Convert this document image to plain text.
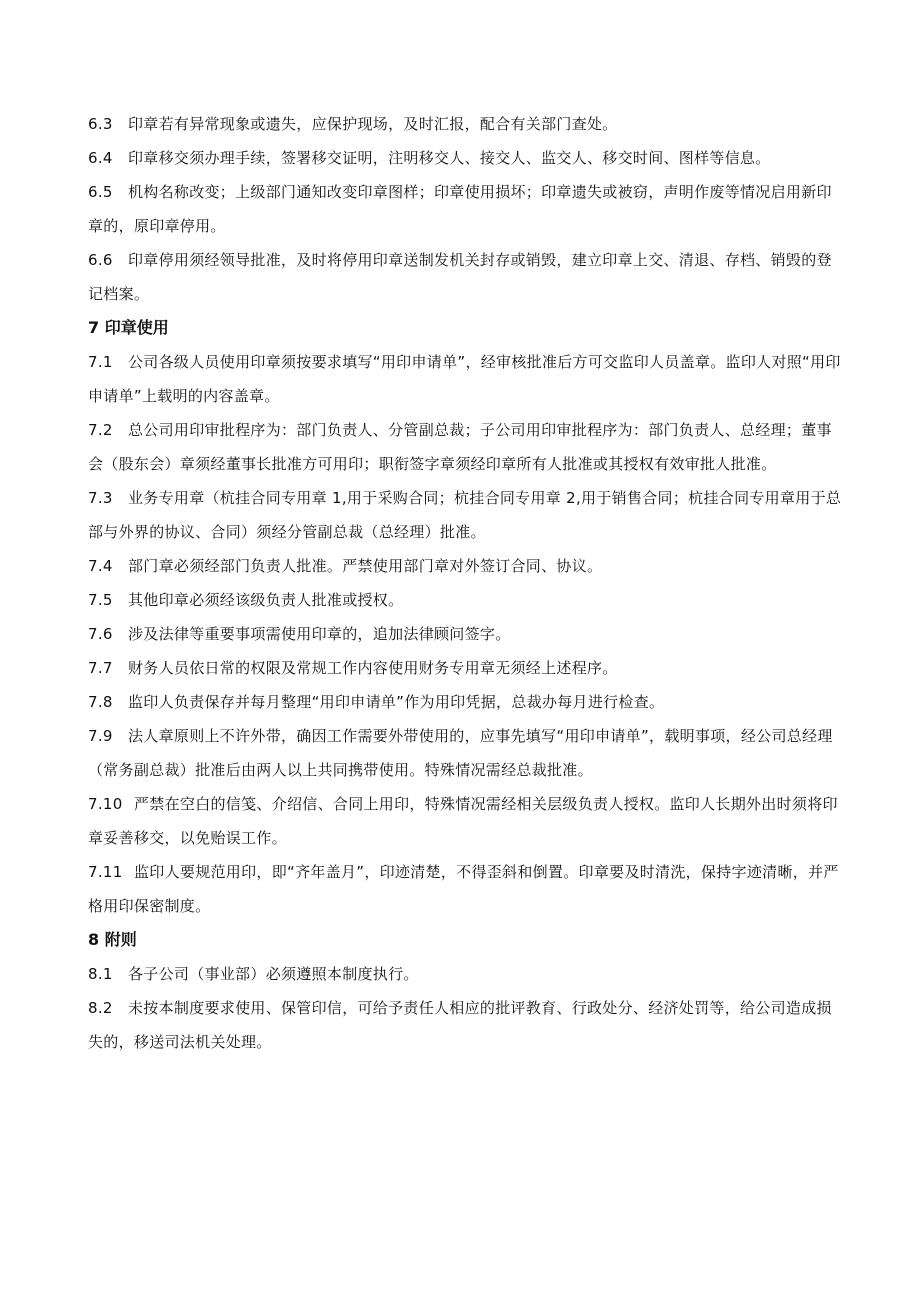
6.3 印章若有异常现象或遗失，应保护现场，及时汇报，配合有关部门查处。

6.4 印章移交须办理手续，签署移交证明，注明移交人、接交人、监交人、移交时间、图样等信息。

6.5 机构名称改变；上级部门通知改变印章图样；印章使用损坏；印章遗失或被窃，声明作废等情况启用新印章的，原印章停用。

6.6 印章停用须经领导批准，及时将停用印章送制发机关封存或销毁，建立印章上交、清退、存档、销毁的登记档案。

7 印章使用

7.1 公司各级人员使用印章须按要求填写“用印申请单”，经审核批准后方可交监印人员盖章。监印人对照“用印申请单”上载明的内容盖章。

7.2 总公司用印审批程序为：部门负责人、分管副总裁；子公司用印审批程序为：部门负责人、总经理；董事会（股东会）章须经董事长批准方可用印；职衔签字章须经印章所有人批准或其授权有效审批人批准。

7.3 业务专用章（杭挂合同专用章 1,用于采购合同；杭挂合同专用章 2,用于销售合同；杭挂合同专用章用于总部与外界的协议、合同）须经分管副总裁（总经理）批准。

7.4 部门章必须经部门负责人批准。严禁使用部门章对外签订合同、协议。

7.5 其他印章必须经该级负责人批准或授权。

7.6 涉及法律等重要事项需使用印章的，追加法律顾问签字。

7.7 财务人员依日常的权限及常规工作内容使用财务专用章无须经上述程序。

7.8 监印人负责保存并每月整理“用印申请单”作为用印凭据，总裁办每月进行检查。

7.9 法人章原则上不许外带，确因工作需要外带使用的，应事先填写“用印申请单”，载明事项，经公司总经理（常务副总裁）批准后由两人以上共同携带使用。特殊情况需经总裁批准。

7.10 严禁在空白的信笺、介绍信、合同上用印，特殊情况需经相关层级负责人授权。监印人长期外出时须将印章妥善移交，以免贻误工作。

7.11 监印人要规范用印，即“齐年盖月”，印迹清楚，不得歪斜和倒置。印章要及时清洗，保持字迹清晰，并严格用印保密制度。

8 附则

8.1 各子公司（事业部）必须遵照本制度执行。

8.2 未按本制度要求使用、保管印信，可给予责任人相应的批评教育、行政处分、经济处罚等，给公司造成损失的，移送司法机关处理。
